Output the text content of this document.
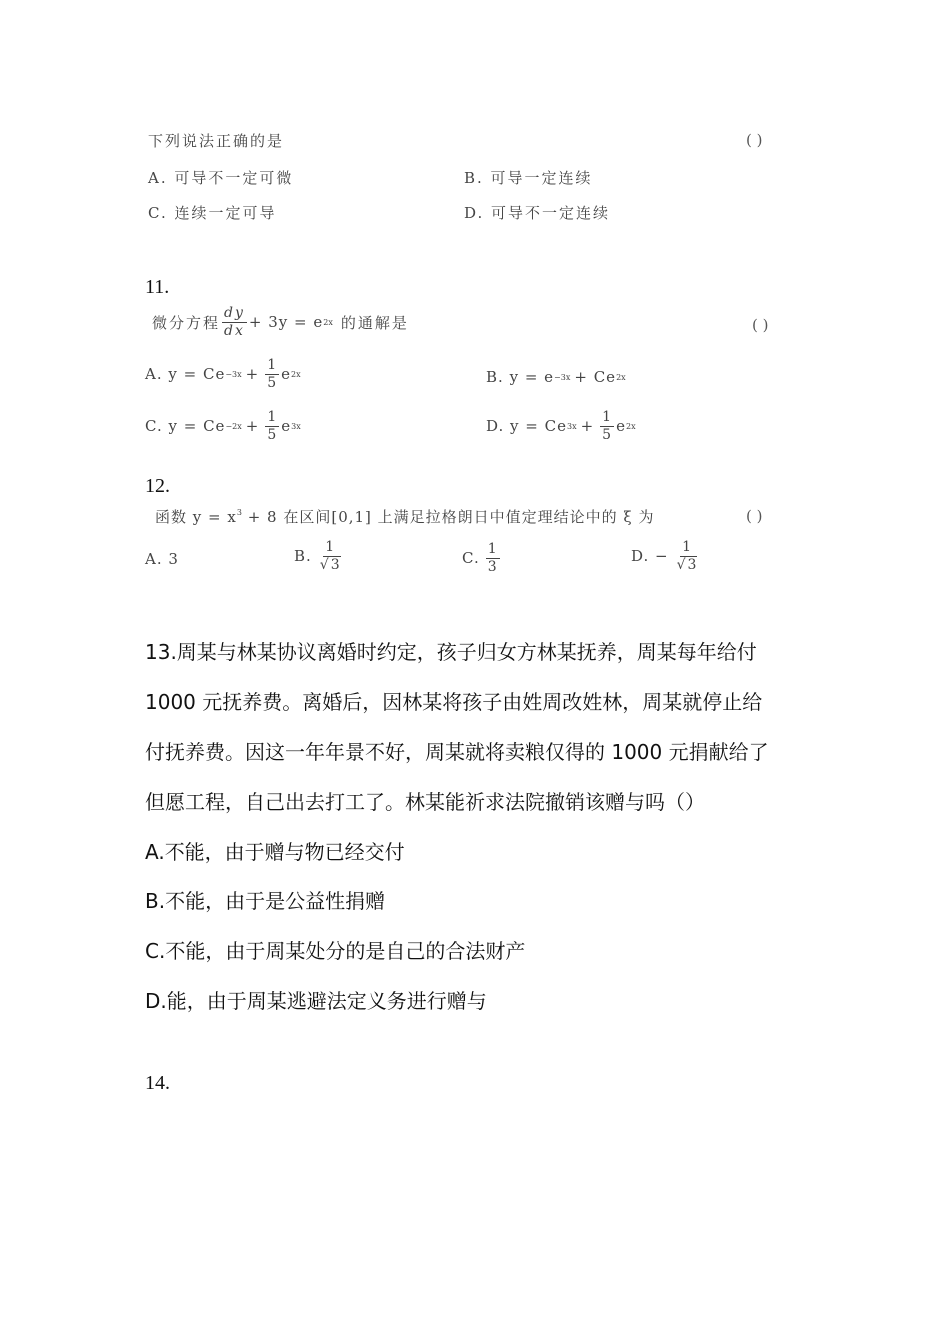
下列说法正确的是	( )
A. 可导不一定可微	B. 可导一定连续
C. 连续一定可导	D. 可导不一定连续
11.
微分方程 $\frac{dy}{dx} + 3y = e$ 2x 的通解是	( )
A.
$y = Ce -3x + \frac{1}{5}$ e 2x	B.
y = e −3x + Ce 2x
C.
$y = Ce -2x + \frac{1}{5}$ e 3x	D.
y = Ce $3x + \frac{1}{5}$ e 2x
12.
函数 $y = x^3 + 8$ 在区间[0,1] 上满足拉格朗日中值定理结论中的 ξ 为	( )
A. 3	B. $\frac{1}{√3}$	C. $\frac{1}{3}$	D. − $\frac{1}{√3}$
13.周某与林某协议离婚时约定，孩子归女方林某抚养，周某每年给付
1000 元抚养费。离婚后，因林某将孩子由姓周改姓林，周某就停止给
付抚养费。因这一年年景不好，周某就将卖粮仅得的 1000 元捐献给了
但愿工程，自己出去打工了。林某能祈求法院撤销该赠与吗（）
A.不能，由于赠与物已经交付
B.不能，由于是公益性捐赠
C.不能，由于周某处分的是自己的合法财产
D.能，由于周某逃避法定义务进行赠与
14.
